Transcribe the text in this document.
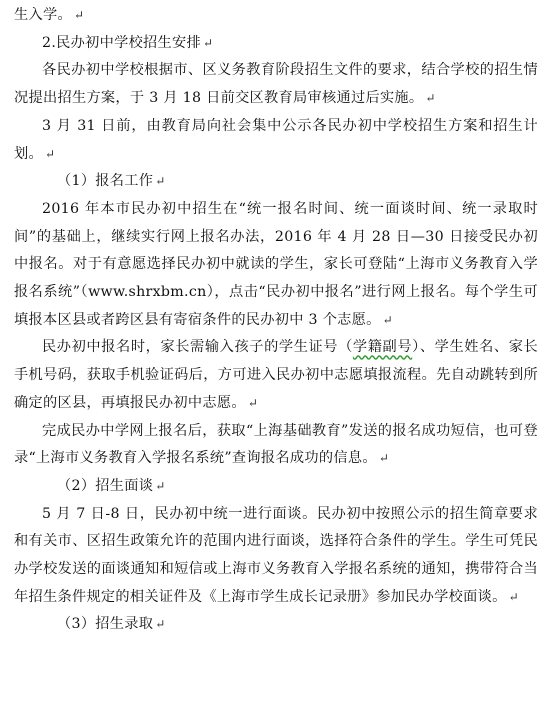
生入学。 ↵

2.民办初中学校招生安排 ↵

各民办初中学校根据市、区义务教育阶段招生文件的要求，结合学校的招生情况提出招生方案，于 3 月 18 日前交区教育局审核通过后实施。 ↵

3 月 31 日前，由教育局向社会集中公示各民办初中学校招生方案和招生计划。 ↵

（1）报名工作 ↵

2016 年本市民办初中招生在“统一报名时间、统一面谈时间、统一录取时间”的基础上，继续实行网上报名办法，2016 年 4 月 28 日—30 日接受民办初中报名。对于有意愿选择民办初中就读的学生，家长可登陆“上海市义务教育入学报名系统”（www.shrxbm.cn），点击“民办初中报名”进行网上报名。每个学生可填报本区县或者跨区县有寄宿条件的民办初中 3 个志愿。 ↵

民办初中报名时，家长需输入孩子的学生证号（学籍副号）、学生姓名、家长手机号码，获取手机验证码后，方可进入民办初中志愿填报流程。先自动跳转到所确定的区县，再填报民办初中志愿。 ↵

完成民办中学网上报名后，获取“上海基础教育”发送的报名成功短信，也可登录“上海市义务教育入学报名系统”查询报名成功的信息。 ↵

（2）招生面谈 ↵

5 月 7 日-8 日，民办初中统一进行面谈。民办初中按照公示的招生简章要求和有关市、区招生政策允许的范围内进行面谈，选择符合条件的学生。学生可凭民办学校发送的面谈通知和短信或上海市义务教育入学报名系统的通知，携带符合当年招生条件规定的相关证件及《上海市学生成长记录册》参加民办学校面谈。 ↵

（3）招生录取 ↵
